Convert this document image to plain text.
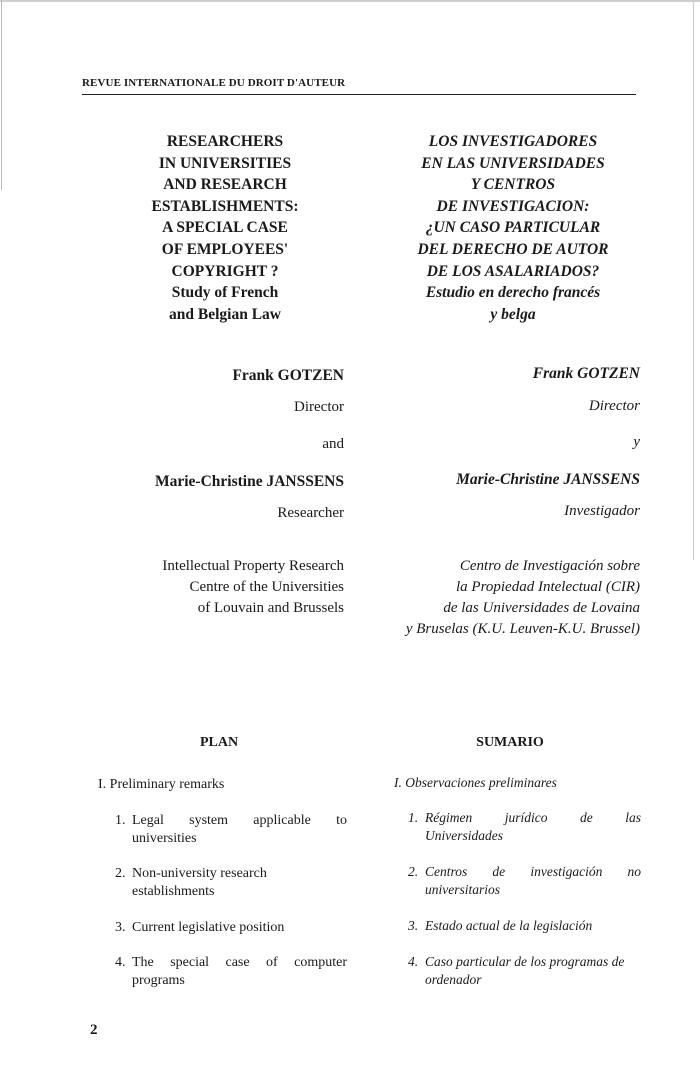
REVUE INTERNATIONALE DU DROIT D'AUTEUR
RESEARCHERS
IN UNIVERSITIES
AND RESEARCH
ESTABLISHMENTS:
A SPECIAL CASE
OF EMPLOYEES'
COPYRIGHT ?
Study of French
and Belgian Law
LOS INVESTIGADORES
EN LAS UNIVERSIDADES
Y CENTROS
DE INVESTIGACION:
¿UN CASO PARTICULAR
DEL DERECHO DE AUTOR
DE LOS ASALARIADOS?
Estudio en derecho francés
y belga
Frank GOTZEN
Director
and
Marie-Christine JANSSENS
Researcher
Frank GOTZEN
Director
y
Marie-Christine JANSSENS
Investigador
Intellectual Property Research
Centre of the Universities
of Louvain and Brussels
Centro de Investigación sobre
la Propiedad Intelectual (CIR)
de las Universidades de Lovaina
y Bruselas (K.U. Leuven-K.U. Brussel)
PLAN
I. Preliminary remarks
1. Legal system applicable to
universities
2. Non-university research
establishments
3. Current legislative position
4. The special case of computer
programs
SUMARIO
I. Observaciones preliminares
1. Régimen jurídico de las
Universidades
2. Centros de investigación no
universitarios
3. Estado actual de la legislación
4. Caso particular de los programas de
ordenador
2
